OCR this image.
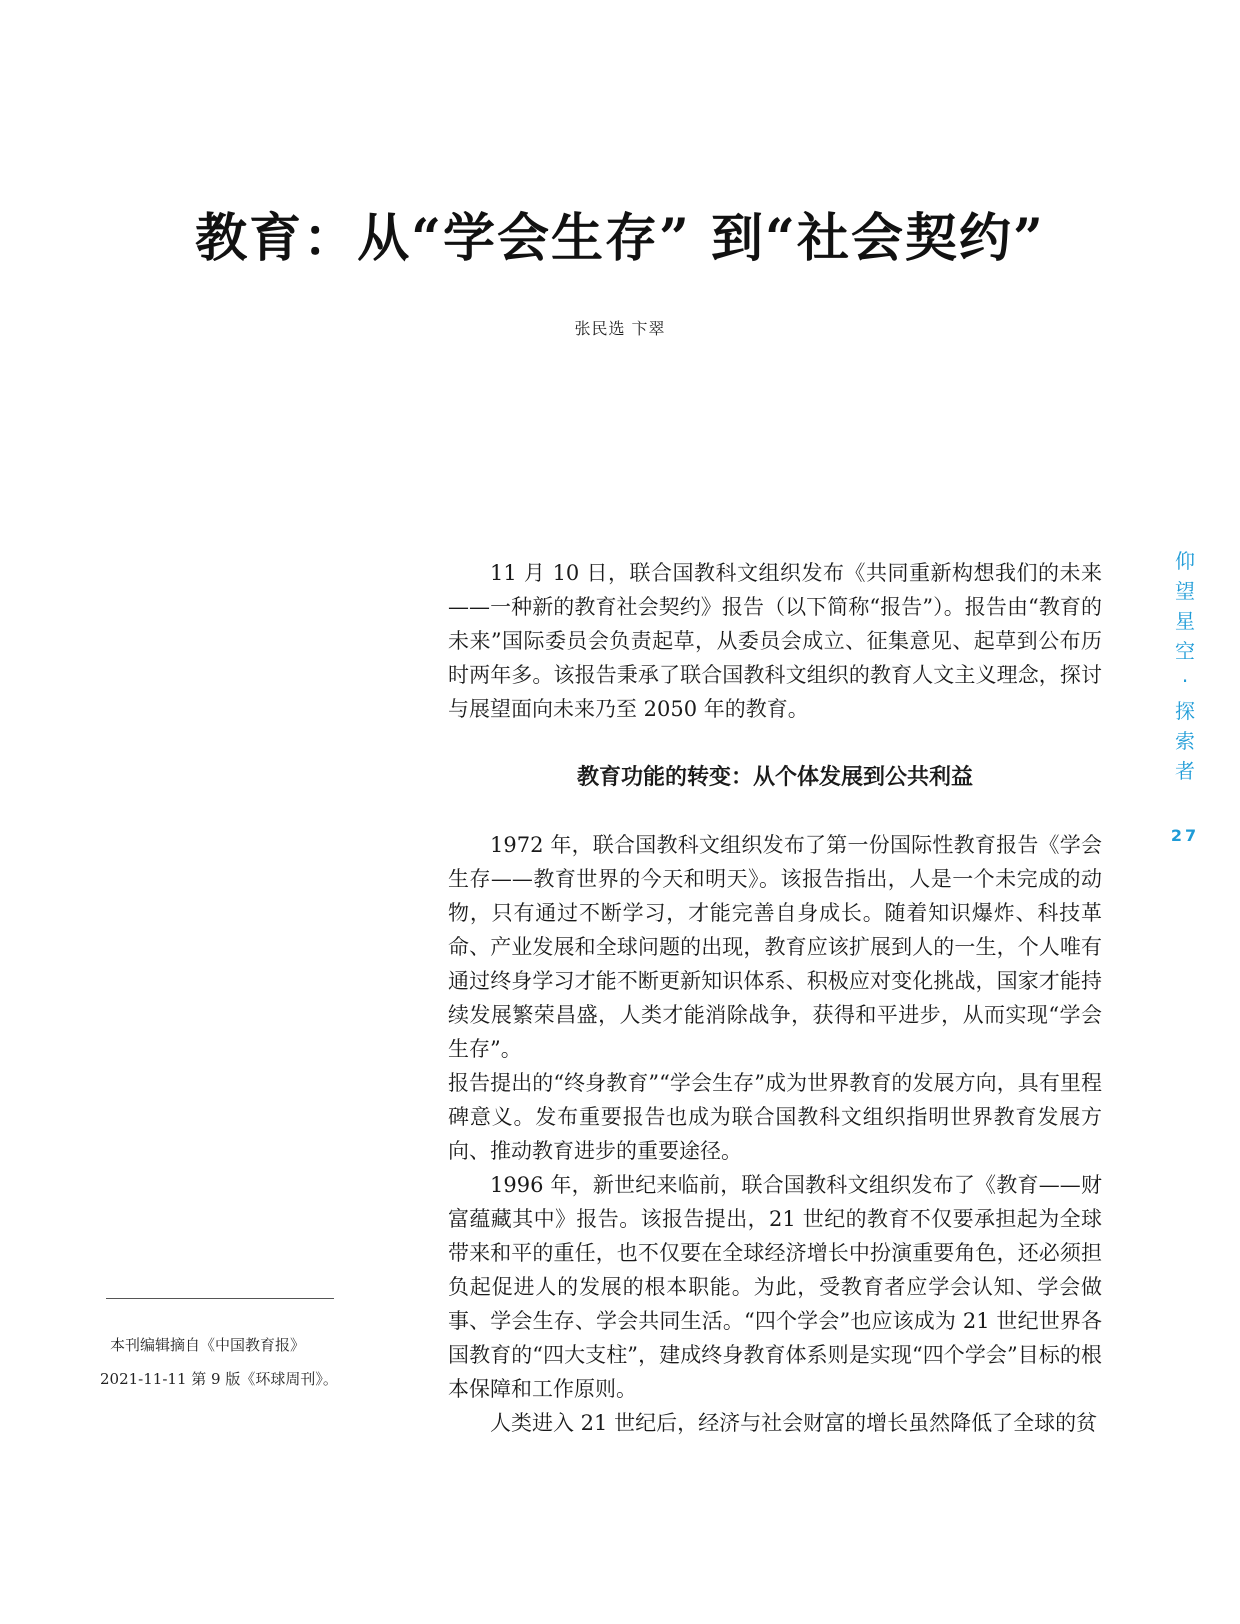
教育：从“学会生存” 到“社会契约”
张民选 卞翠
仰
望
星
空
·
探
索
者
27

11 月 10 日，联合国教科文组织发布《共同重新构想我们的未来——一种新的教育社会契约》报告（以下简称“报告”）。报告由“教育的未来”国际委员会负责起草，从委员会成立、征集意见、起草到公布历时两年多。该报告秉承了联合国教科文组织的教育人文主义理念，探讨与展望面向未来乃至 2050 年的教育。

教育功能的转变：从个体发展到公共利益

1972 年，联合国教科文组织发布了第一份国际性教育报告《学会生存——教育世界的今天和明天》。该报告指出，人是一个未完成的动物，只有通过不断学习，才能完善自身成长。随着知识爆炸、科技革命、产业发展和全球问题的出现，教育应该扩展到人的一生，个人唯有通过终身学习才能不断更新知识体系、积极应对变化挑战，国家才能持续发展繁荣昌盛，人类才能消除战争，获得和平进步，从而实现“学会生存”。

报告提出的“终身教育”“学会生存”成为世界教育的发展方向，具有里程碑意义。发布重要报告也成为联合国教科文组织指明世界教育发展方向、推动教育进步的重要途径。

1996 年，新世纪来临前，联合国教科文组织发布了《教育——财富蕴藏其中》报告。该报告提出，21 世纪的教育不仅要承担起为全球带来和平的重任，也不仅要在全球经济增长中扮演重要角色，还必须担负起促进人的发展的根本职能。为此，受教育者应学会认知、学会做事、学会生存、学会共同生活。“四个学会”也应该成为 21 世纪世界各国教育的“四大支柱”，建成终身教育体系则是实现“四个学会”目标的根本保障和工作原则。

人类进入 21 世纪后，经济与社会财富的增长虽然降低了全球的贫

本刊编辑摘自《中国教育报》
2021-11-11 第 9 版《环球周刊》。
